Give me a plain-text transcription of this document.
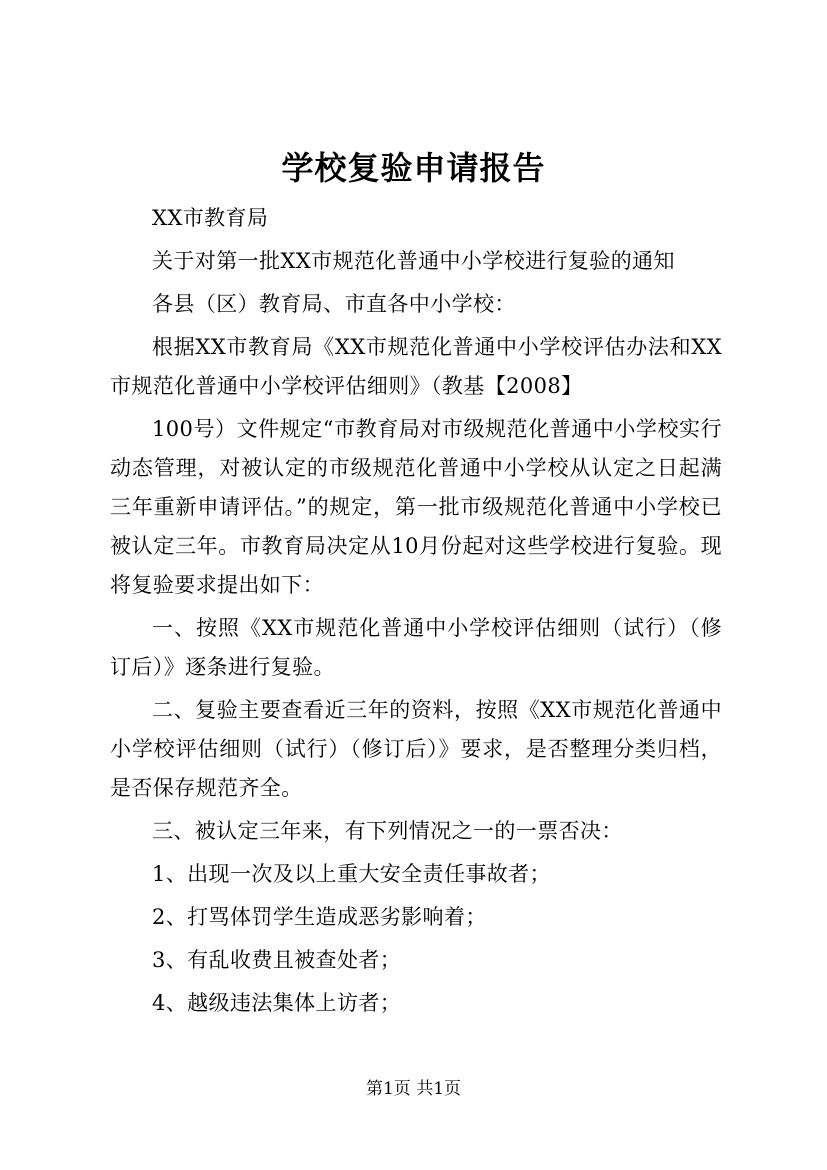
学校复验申请报告

XX市教育局

关于对第一批XX市规范化普通中小学校进行复验的通知

各县（区）教育局、市直各中小学校：

根据XX市教育局《XX市规范化普通中小学校评估办法和XX市规范化普通中小学校评估细则》（教基【2008】

100号）文件规定“市教育局对市级规范化普通中小学校实行动态管理，对被认定的市级规范化普通中小学校从认定之日起满三年重新申请评估。”的规定，第一批市级规范化普通中小学校已被认定三年。市教育局决定从10月份起对这些学校进行复验。现将复验要求提出如下：

一、按照《XX市规范化普通中小学校评估细则（试行）（修订后）》逐条进行复验。

二、复验主要查看近三年的资料，按照《XX市规范化普通中小学校评估细则（试行）（修订后）》要求，是否整理分类归档，是否保存规范齐全。

三、被认定三年来，有下列情况之一的一票否决：

1、出现一次及以上重大安全责任事故者；

2、打骂体罚学生造成恶劣影响着；

3、有乱收费且被查处者；

4、越级违法集体上访者；

第1页 共1页
